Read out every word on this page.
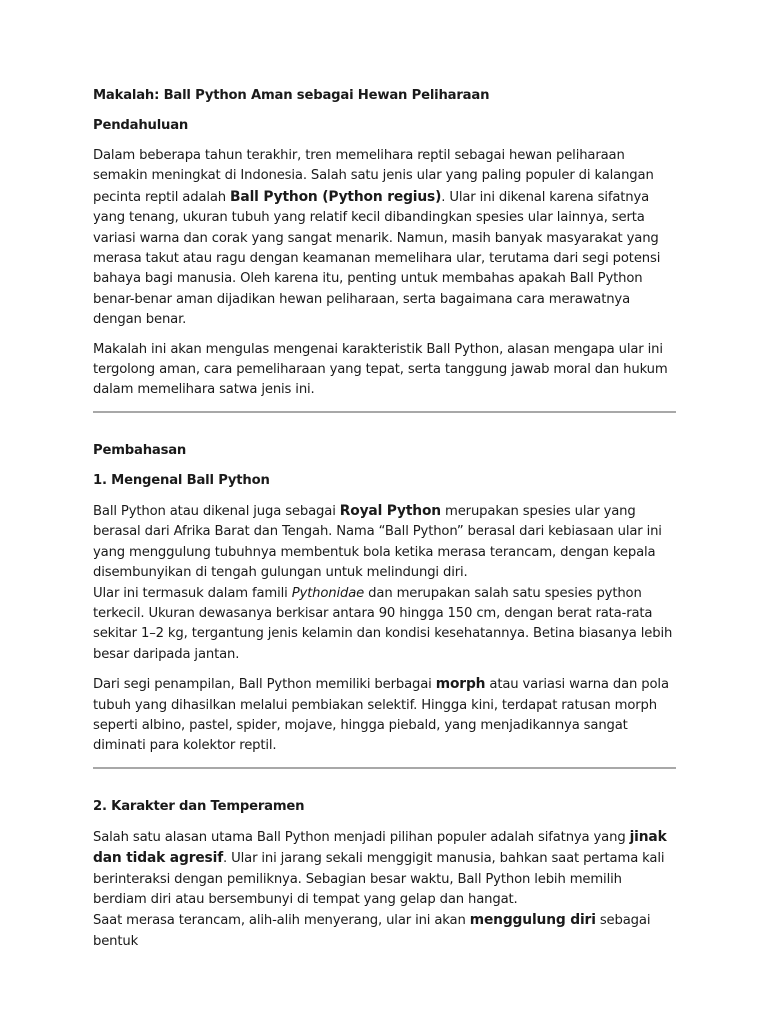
Makalah: Ball Python Aman sebagai Hewan Peliharaan
Pendahuluan

Dalam beberapa tahun terakhir, tren memelihara reptil sebagai hewan peliharaan semakin meningkat di Indonesia. Salah satu jenis ular yang paling populer di kalangan pecinta reptil adalah Ball Python (Python regius). Ular ini dikenal karena sifatnya yang tenang, ukuran tubuh yang relatif kecil dibandingkan spesies ular lainnya, serta variasi warna dan corak yang sangat menarik. Namun, masih banyak masyarakat yang merasa takut atau ragu dengan keamanan memelihara ular, terutama dari segi potensi bahaya bagi manusia. Oleh karena itu, penting untuk membahas apakah Ball Python benar-benar aman dijadikan hewan peliharaan, serta bagaimana cara merawatnya dengan benar.

Makalah ini akan mengulas mengenai karakteristik Ball Python, alasan mengapa ular ini tergolong aman, cara pemeliharaan yang tepat, serta tanggung jawab moral dan hukum dalam memelihara satwa jenis ini.

Pembahasan
1. Mengenal Ball Python

Ball Python atau dikenal juga sebagai Royal Python merupakan spesies ular yang berasal dari Afrika Barat dan Tengah. Nama “Ball Python” berasal dari kebiasaan ular ini yang menggulung tubuhnya membentuk bola ketika merasa terancam, dengan kepala disembunyikan di tengah gulungan untuk melindungi diri.
Ular ini termasuk dalam famili Pythonidae dan merupakan salah satu spesies python terkecil. Ukuran dewasanya berkisar antara 90 hingga 150 cm, dengan berat rata-rata sekitar 1–2 kg, tergantung jenis kelamin dan kondisi kesehatannya. Betina biasanya lebih besar daripada jantan.

Dari segi penampilan, Ball Python memiliki berbagai morph atau variasi warna dan pola tubuh yang dihasilkan melalui pembiakan selektif. Hingga kini, terdapat ratusan morph seperti albino, pastel, spider, mojave, hingga piebald, yang menjadikannya sangat diminati para kolektor reptil.

2. Karakter dan Temperamen

Salah satu alasan utama Ball Python menjadi pilihan populer adalah sifatnya yang jinak dan tidak agresif. Ular ini jarang sekali menggigit manusia, bahkan saat pertama kali berinteraksi dengan pemiliknya. Sebagian besar waktu, Ball Python lebih memilih berdiam diri atau bersembunyi di tempat yang gelap dan hangat.
Saat merasa terancam, alih-alih menyerang, ular ini akan menggulung diri sebagai bentuk
